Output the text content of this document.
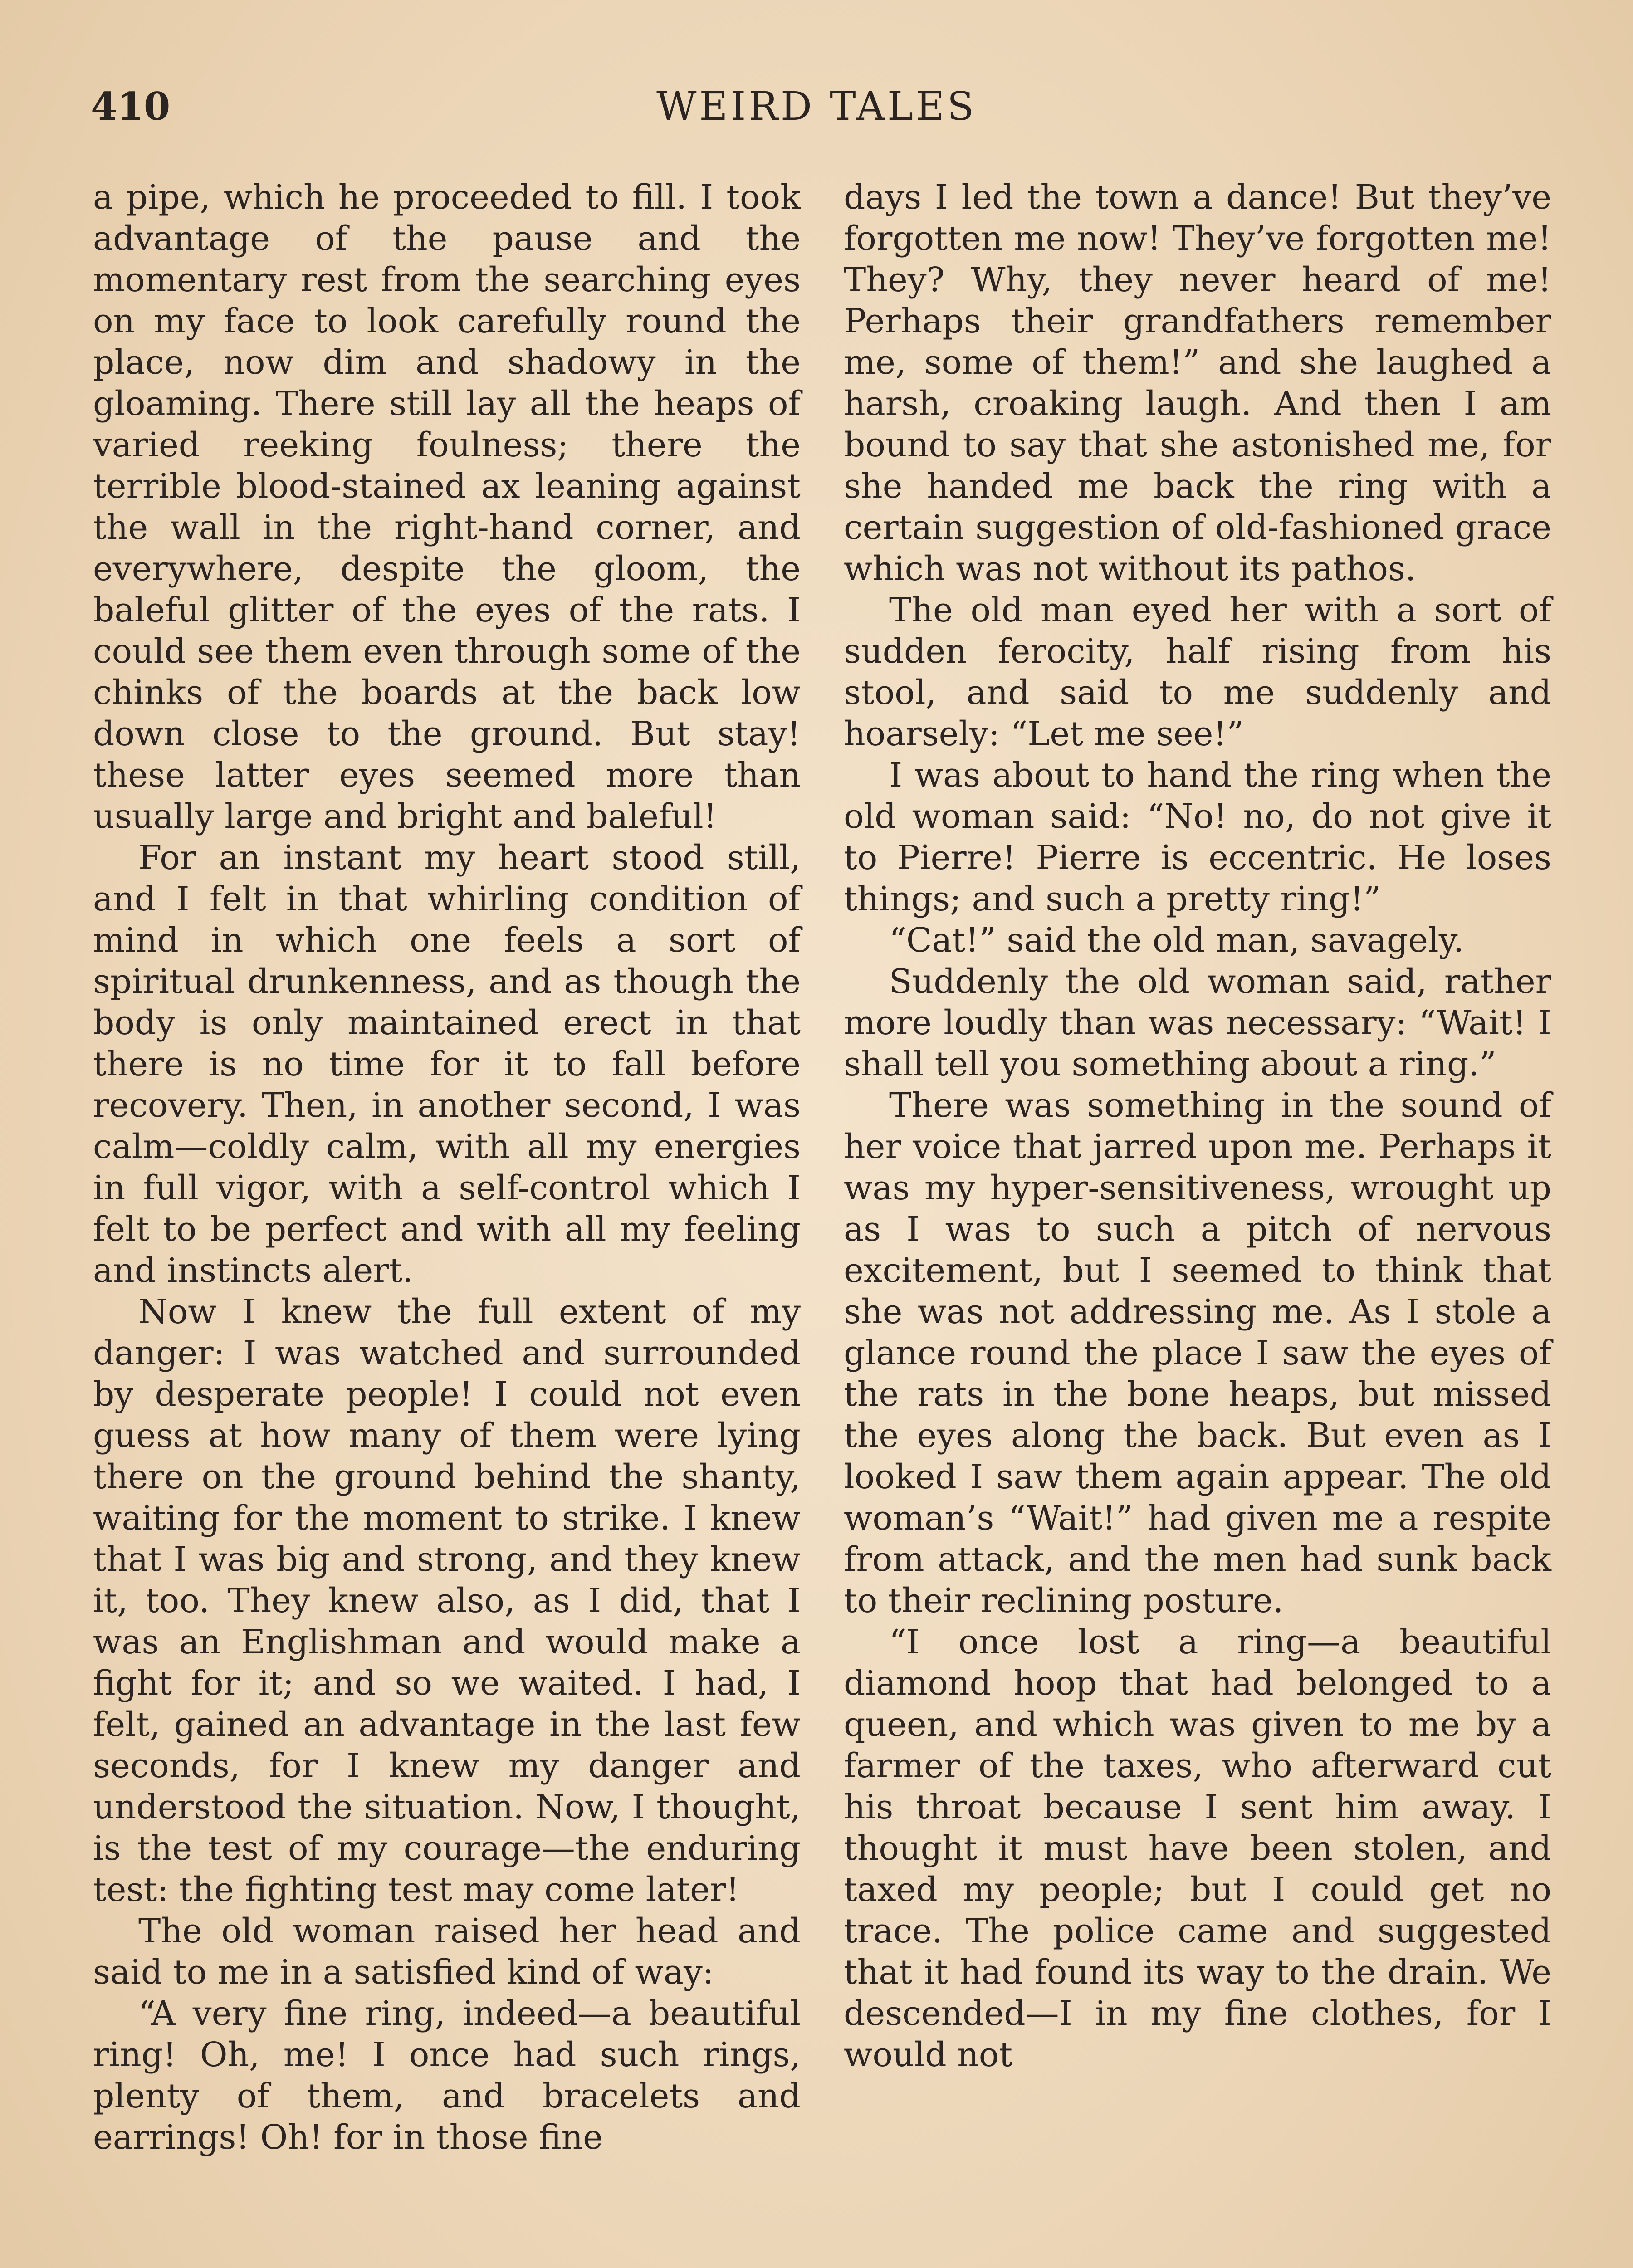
410	WEIRD TALES

a pipe, which he proceeded to fill. I took advantage of the pause and the momentary rest from the searching eyes on my face to look carefully round the place, now dim and shadowy in the gloaming. There still lay all the heaps of varied reeking foulness; there the terrible blood-stained ax leaning against the wall in the right-hand corner, and everywhere, despite the gloom, the baleful glitter of the eyes of the rats. I could see them even through some of the chinks of the boards at the back low down close to the ground. But stay! these latter eyes seemed more than usually large and bright and baleful!

For an instant my heart stood still, and I felt in that whirling condition of mind in which one feels a sort of spiritual drunkenness, and as though the body is only maintained erect in that there is no time for it to fall before recovery. Then, in another second, I was calm—coldly calm, with all my energies in full vigor, with a self-control which I felt to be perfect and with all my feeling and instincts alert.

Now I knew the full extent of my danger: I was watched and surrounded by desperate people! I could not even guess at how many of them were lying there on the ground behind the shanty, waiting for the moment to strike. I knew that I was big and strong, and they knew it, too. They knew also, as I did, that I was an Englishman and would make a fight for it; and so we waited. I had, I felt, gained an advantage in the last few seconds, for I knew my danger and understood the situation. Now, I thought, is the test of my courage—the enduring test: the fighting test may come later!

The old woman raised her head and said to me in a satisfied kind of way:

“A very fine ring, indeed—a beautiful ring! Oh, me! I once had such rings, plenty of them, and bracelets and earrings! Oh! for in those fine

days I led the town a dance! But they’ve forgotten me now! They’ve forgotten me! They? Why, they never heard of me! Perhaps their grandfathers remember me, some of them!” and she laughed a harsh, croaking laugh. And then I am bound to say that she astonished me, for she handed me back the ring with a certain suggestion of old-fashioned grace which was not without its pathos.

The old man eyed her with a sort of sudden ferocity, half rising from his stool, and said to me suddenly and hoarsely: “Let me see!”

I was about to hand the ring when the old woman said: “No! no, do not give it to Pierre! Pierre is eccentric. He loses things; and such a pretty ring!”

“Cat!” said the old man, savagely.

Suddenly the old woman said, rather more loudly than was necessary: “Wait! I shall tell you something about a ring.”

There was something in the sound of her voice that jarred upon me. Perhaps it was my hyper-sensitiveness, wrought up as I was to such a pitch of nervous excitement, but I seemed to think that she was not addressing me. As I stole a glance round the place I saw the eyes of the rats in the bone heaps, but missed the eyes along the back. But even as I looked I saw them again appear. The old woman’s “Wait!” had given me a respite from attack, and the men had sunk back to their reclining posture.

“I once lost a ring—a beautiful diamond hoop that had belonged to a queen, and which was given to me by a farmer of the taxes, who afterward cut his throat because I sent him away. I thought it must have been stolen, and taxed my people; but I could get no trace. The police came and suggested that it had found its way to the drain. We descended—I in my fine clothes, for I would not
